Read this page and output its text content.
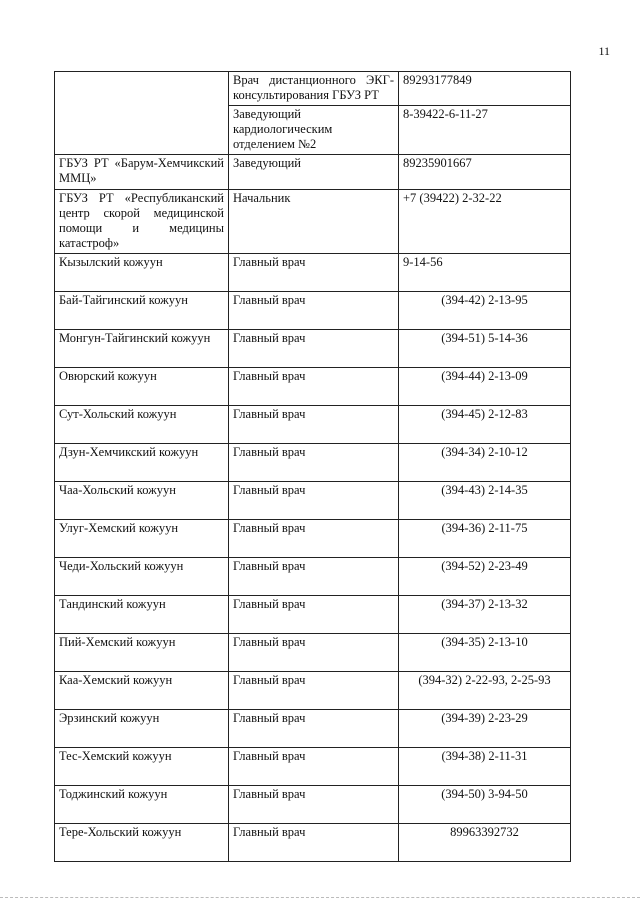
11
	Врач дистанционного ЭКГ-консультирования ГБУЗ РТ	89293177849
	Заведующий кардиологическим отделением №2	8-39422-6-11-27
ГБУЗ РТ «Барум-Хемчикский ММЦ»	Заведующий	89235901667
ГБУЗ РТ «Республиканский центр скорой медицинской помощи и медицины катастроф»	Начальник	+7 (39422) 2-32-22
Кызылский кожуун	Главный врач	9-14-56
Бай-Тайгинский кожуун	Главный врач	(394-42) 2-13-95
Монгун-Тайгинский кожуун	Главный врач	(394-51) 5-14-36
Овюрский кожуун	Главный врач	(394-44) 2-13-09
Сут-Хольский кожуун	Главный врач	(394-45) 2-12-83
Дзун-Хемчикский кожуун	Главный врач	(394-34) 2-10-12
Чаа-Хольский кожуун	Главный врач	(394-43) 2-14-35
Улуг-Хемский кожуун	Главный врач	(394-36) 2-11-75
Чеди-Хольский кожуун	Главный врач	(394-52) 2-23-49
Тандинский кожуун	Главный врач	(394-37) 2-13-32
Пий-Хемский кожуун	Главный врач	(394-35) 2-13-10
Каа-Хемский кожуун	Главный врач	(394-32) 2-22-93, 2-25-93
Эрзинский кожуун	Главный врач	(394-39) 2-23-29
Тес-Хемский кожуун	Главный врач	(394-38) 2-11-31
Тоджинский кожуун	Главный врач	(394-50) 3-94-50
Тере-Хольский кожуун	Главный врач	89963392732
